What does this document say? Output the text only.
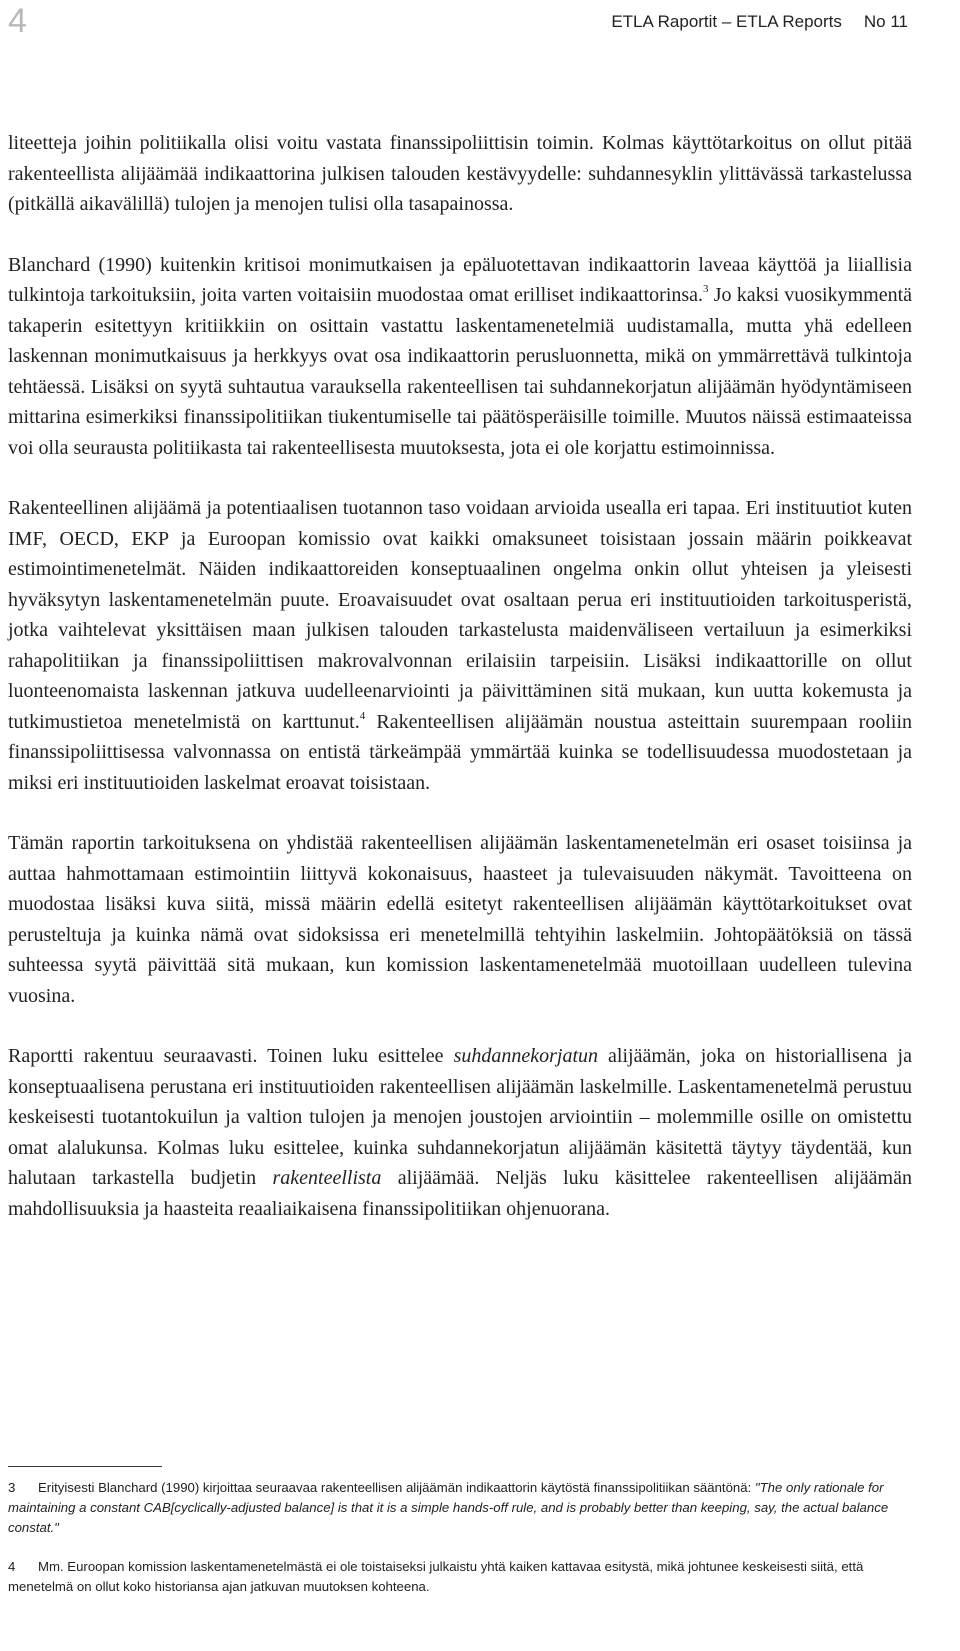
4	ETLA Raportit – ETLA Reports No 11

liteetteja joihin politiikalla olisi voitu vastata finanssipoliittisin toimin. Kolmas käyttötarkoitus on ollut pitää rakenteellista alijäämää indikaattorina julkisen talouden kestävyydelle: suhdannesyklin ylittävässä tarkastelussa (pitkällä aikavälillä) tulojen ja menojen tulisi olla tasapainossa.

Blanchard (1990) kuitenkin kritisoi monimutkaisen ja epäluotettavan indikaattorin laveaa käyttöä ja liiallisia tulkintoja tarkoituksiin, joita varten voitaisiin muodostaa omat erilliset indikaattorinsa.$^3$ Jo kaksi vuosikymmentä takaperin esitettyyn kritiikkiin on osittain vastattu laskentamenetelmiä uudistamalla, mutta yhä edelleen laskennan monimutkaisuus ja herkkyys ovat osa indikaattorin perusluonnetta, mikä on ymmärrettävä tulkintoja tehtäessä. Lisäksi on syytä suhtautua varauksella rakenteellisen tai suhdannekorjatun alijäämän hyödyntämiseen mittarina esimerkiksi finanssipolitiikan tiukentumiselle tai päätösperäisille toimille. Muutos näissä estimaateissa voi olla seurausta politiikasta tai rakenteellisesta muutoksesta, jota ei ole korjattu estimoinnissa.

Rakenteellinen alijäämä ja potentiaalisen tuotannon taso voidaan arvioida usealla eri tapaa. Eri instituutiot kuten IMF, OECD, EKP ja Euroopan komissio ovat kaikki omaksuneet toisistaan jossain määrin poikkeavat estimointimenetelmät. Näiden indikaattoreiden konseptuaalinen ongelma onkin ollut yhteisen ja yleisesti hyväksytyn laskentamenetelmän puute. Eroavaisuudet ovat osaltaan perua eri instituutioiden tarkoitusperistä, jotka vaihtelevat yksittäisen maan julkisen talouden tarkastelusta maidenväliseen vertailuun ja esimerkiksi rahapolitiikan ja finanssipoliittisen makrovalvonnan erilaisiin tarpeisiin. Lisäksi indikaattorille on ollut luonteenomaista laskennan jatkuva uudelleenarviointi ja päivittäminen sitä mukaan, kun uutta kokemusta ja tutkimustietoa menetelmistä on karttunut.$^4$ Rakenteellisen alijäämän noustua asteittain suurempaan rooliin finanssipoliittisessa valvonnassa on entistä tärkeämpää ymmärtää kuinka se todellisuudessa muodostetaan ja miksi eri instituutioiden laskelmat eroavat toisistaan.

Tämän raportin tarkoituksena on yhdistää rakenteellisen alijäämän laskentamenetelmän eri osaset toisiinsa ja auttaa hahmottamaan estimointiin liittyvä kokonaisuus, haasteet ja tulevaisuuden näkymät. Tavoitteena on muodostaa lisäksi kuva siitä, missä määrin edellä esitetyt rakenteellisen alijäämän käyttötarkoitukset ovat perusteltuja ja kuinka nämä ovat sidoksissa eri menetelmillä tehtyihin laskelmiin. Johtopäätöksiä on tässä suhteessa syytä päivittää sitä mukaan, kun komission laskentamenetelmää muotoillaan uudelleen tulevina vuosina.

Raportti rakentuu seuraavasti. Toinen luku esittelee suhdannekorjatun alijäämän, joka on historiallisena ja konseptuaalisena perustana eri instituutioiden rakenteellisen alijäämän laskelmille. Laskentamenetelmä perustuu keskeisesti tuotantokuilun ja valtion tulojen ja menojen joustojen arviointiin – molemmille osille on omistettu omat alalukunsa. Kolmas luku esittelee, kuinka suhdannekorjatun alijäämän käsitettä täytyy täydentää, kun halutaan tarkastella budjetin rakenteellista alijäämää. Neljäs luku käsittelee rakenteellisen alijäämän mahdollisuuksia ja haasteita reaaliaikaisena finanssipolitiikan ohjenuorana.

3 Erityisesti Blanchard (1990) kirjoittaa seuraavaa rakenteellisen alijäämän indikaattorin käytöstä finanssipolitiikan sääntönä: "The only rationale for maintaining a constant CAB[cyclically-adjusted balance] is that it is a simple hands-off rule, and is probably better than keeping, say, the actual balance constat."
4 Mm. Euroopan komission laskentamenetelmästä ei ole toistaiseksi julkaistu yhtä kaiken kattavaa esitystä, mikä johtunee keskeisesti siitä, että menetelmä on ollut koko historiansa ajan jatkuvan muutoksen kohteena.
